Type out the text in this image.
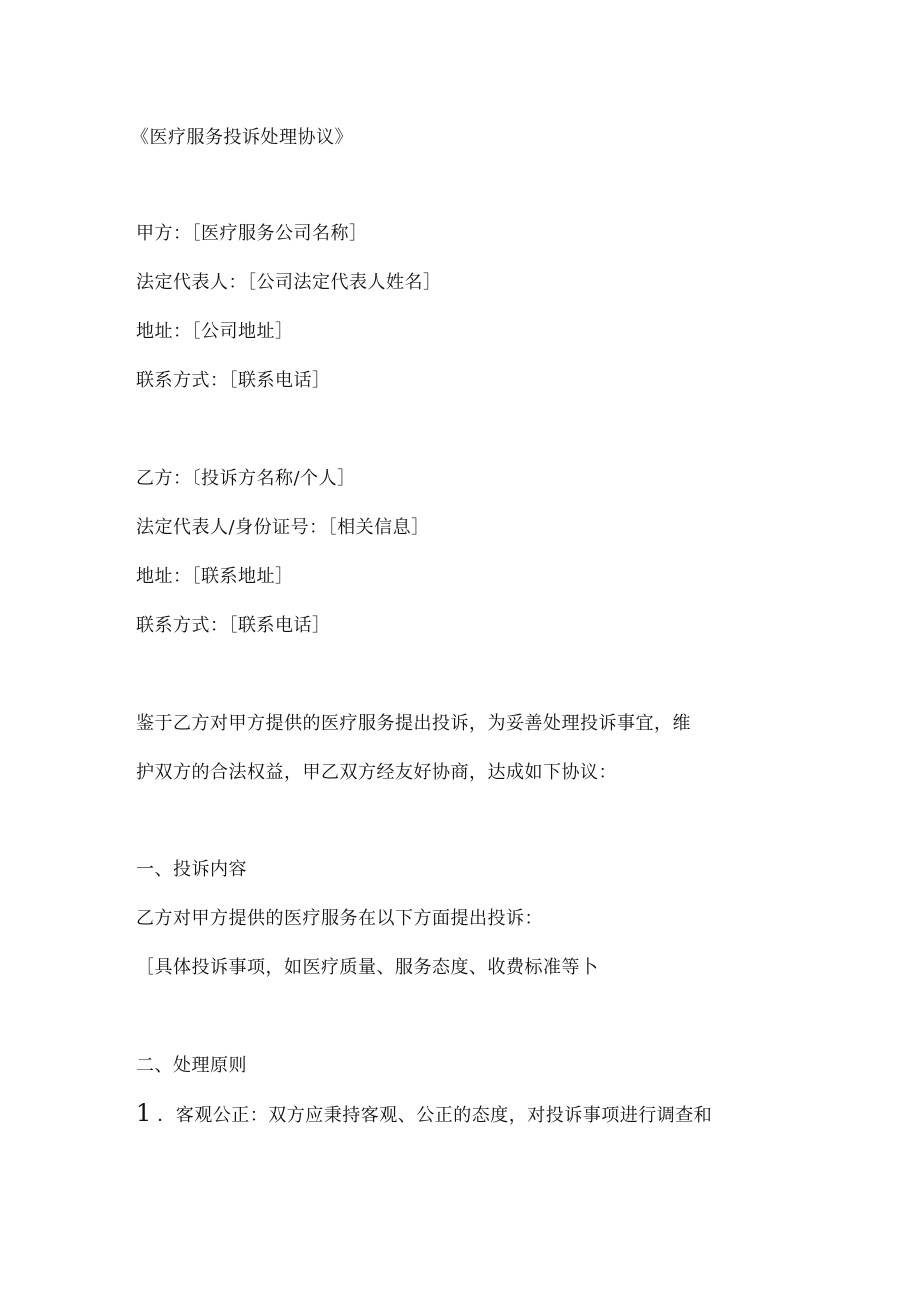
《医疗服务投诉处理协议》
甲方：［医疗服务公司名称］
法定代表人：［公司法定代表人姓名］
地址：［公司地址］
联系方式：［联系电话］
乙方：〔投诉方名称/个人］
法定代表人/身份证号：［相关信息］
地址：［联系地址］
联系方式：［联系电话］
鉴于乙方对甲方提供的医疗服务提出投诉，为妥善处理投诉事宜，维
护双方的合法权益，甲乙双方经友好协商，达成如下协议：
一、投诉内容
乙方对甲方提供的医疗服务在以下方面提出投诉：
［具体投诉事项，如医疗质量、服务态度、收费标准等卜
二、处理原则
1 ．客观公正：双方应秉持客观、公正的态度，对投诉事项进行调查和
